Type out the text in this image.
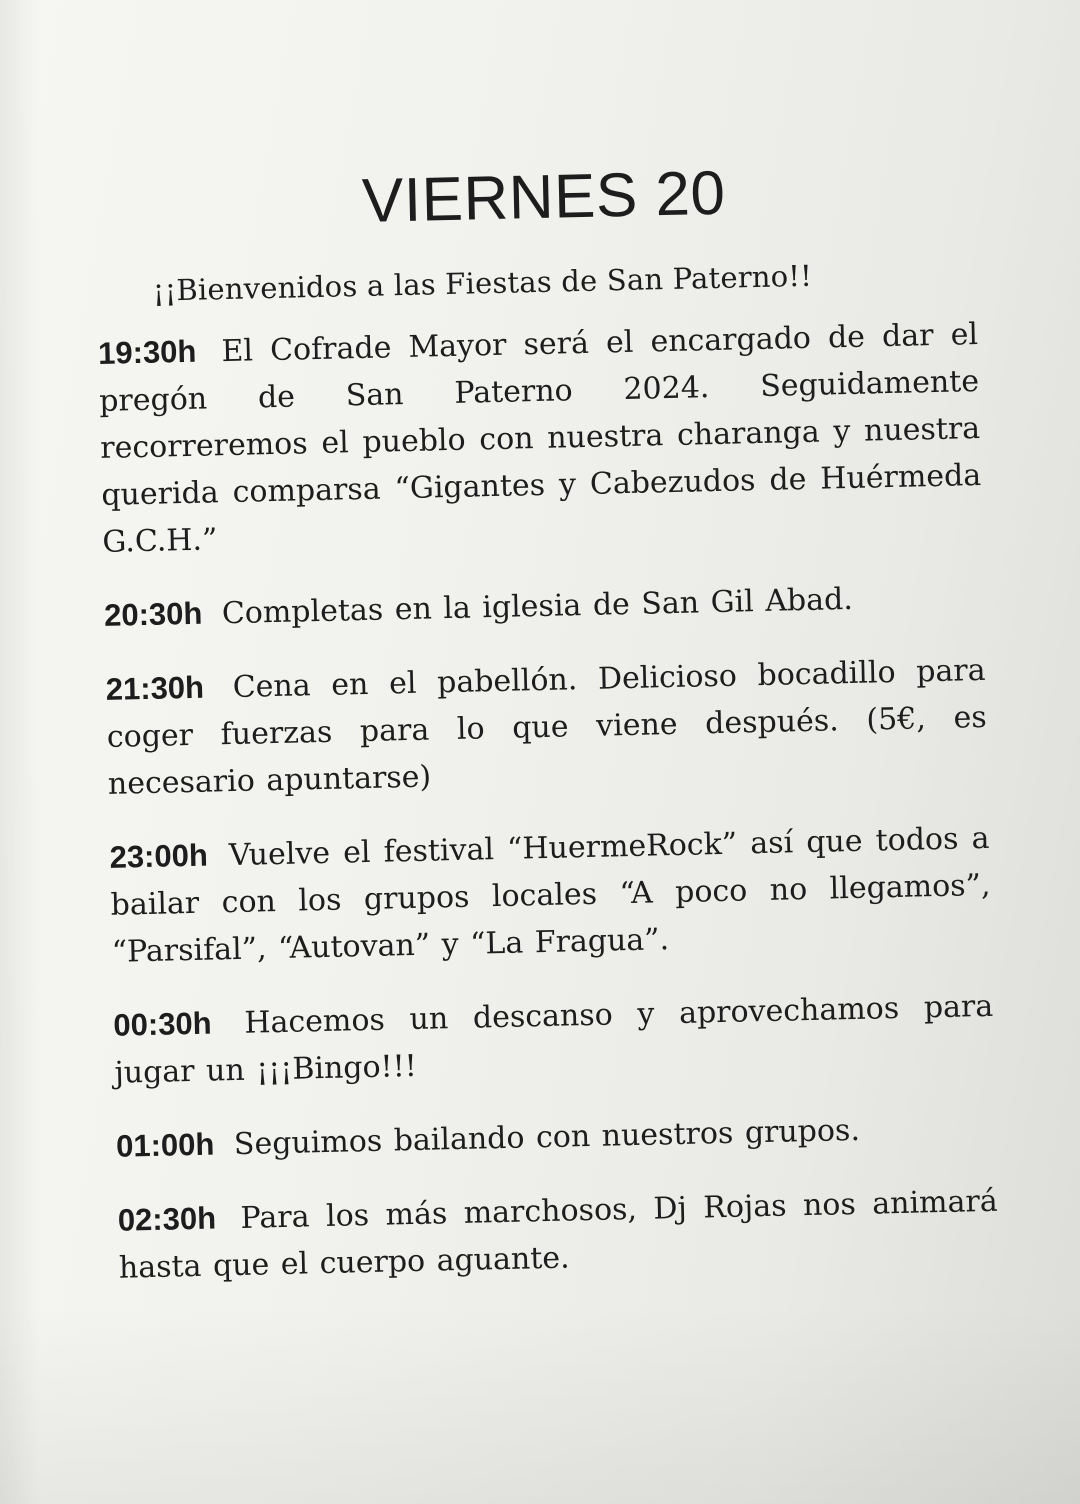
VIERNES 20

¡¡Bienvenidos a las Fiestas de San Paterno!!

19:30h El Cofrade Mayor será el encargado de dar el pregón de San Paterno 2024. Seguidamente recorreremos el pueblo con nuestra charanga y nuestra querida comparsa “Gigantes y Cabezudos de Huérmeda G.C.H.”
20:30h Completas en la iglesia de San Gil Abad.
21:30h Cena en el pabellón. Delicioso bocadillo para coger fuerzas para lo que viene después. (5€, es necesario apuntarse)
23:00h Vuelve el festival “HuermeRock” así que todos a bailar con los grupos locales “A poco no llegamos”, “Parsifal”, “Autovan” y “La Fragua”.
00:30h Hacemos un descanso y aprovechamos para jugar un ¡¡¡Bingo!!!
01:00h Seguimos bailando con nuestros grupos.
02:30h Para los más marchosos, Dj Rojas nos animará hasta que el cuerpo aguante.
